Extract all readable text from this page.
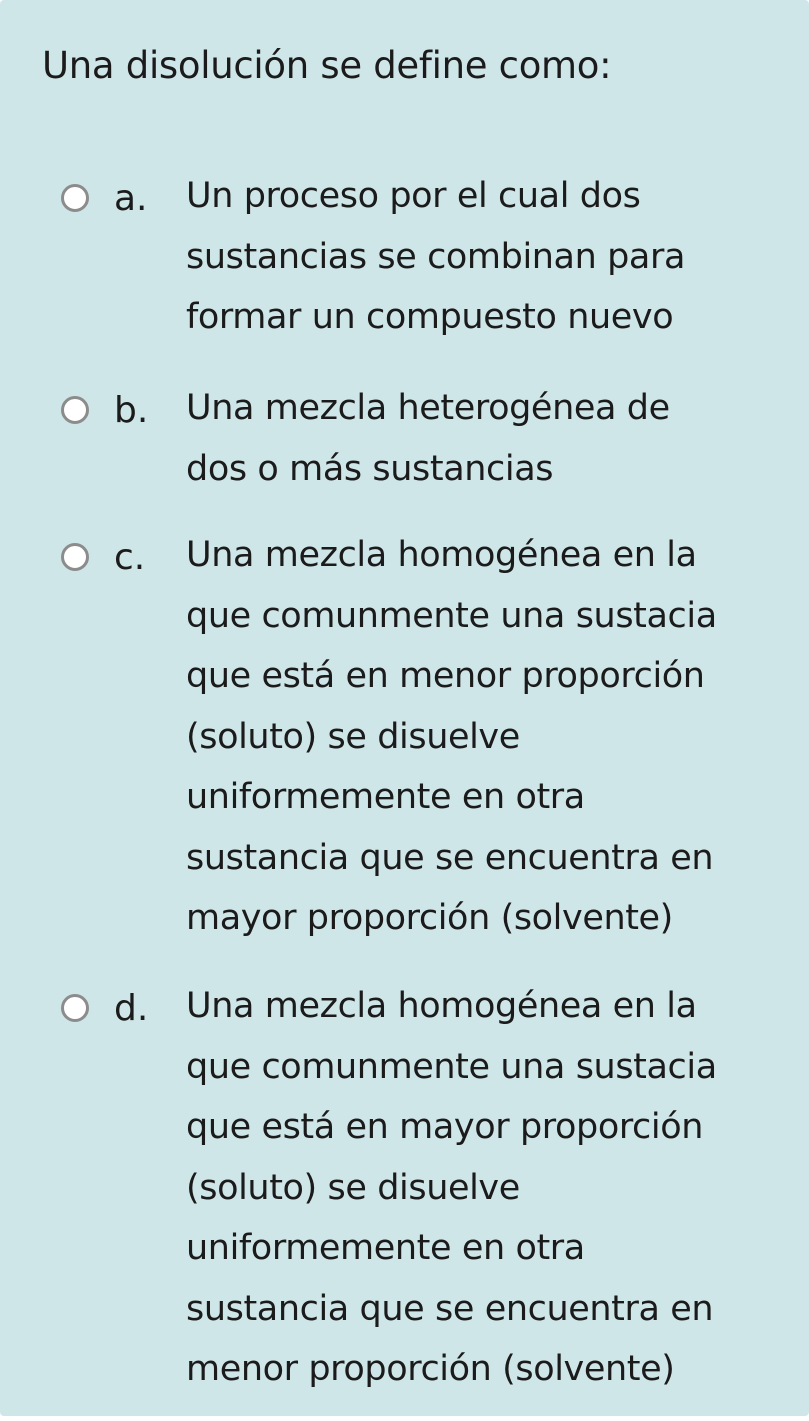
Una disolución se define como:
a. Un proceso por el cual dos
sustancias se combinan para
formar un compuesto nuevo
b. Una mezcla heterogénea de
dos o más sustancias
c. Una mezcla homogénea en la
que comunmente una sustacia
que está en menor proporción
(soluto) se disuelve
uniformemente en otra
sustancia que se encuentra en
mayor proporción (solvente)
d. Una mezcla homogénea en la
que comunmente una sustacia
que está en mayor proporción
(soluto) se disuelve
uniformemente en otra
sustancia que se encuentra en
menor proporción (solvente)
